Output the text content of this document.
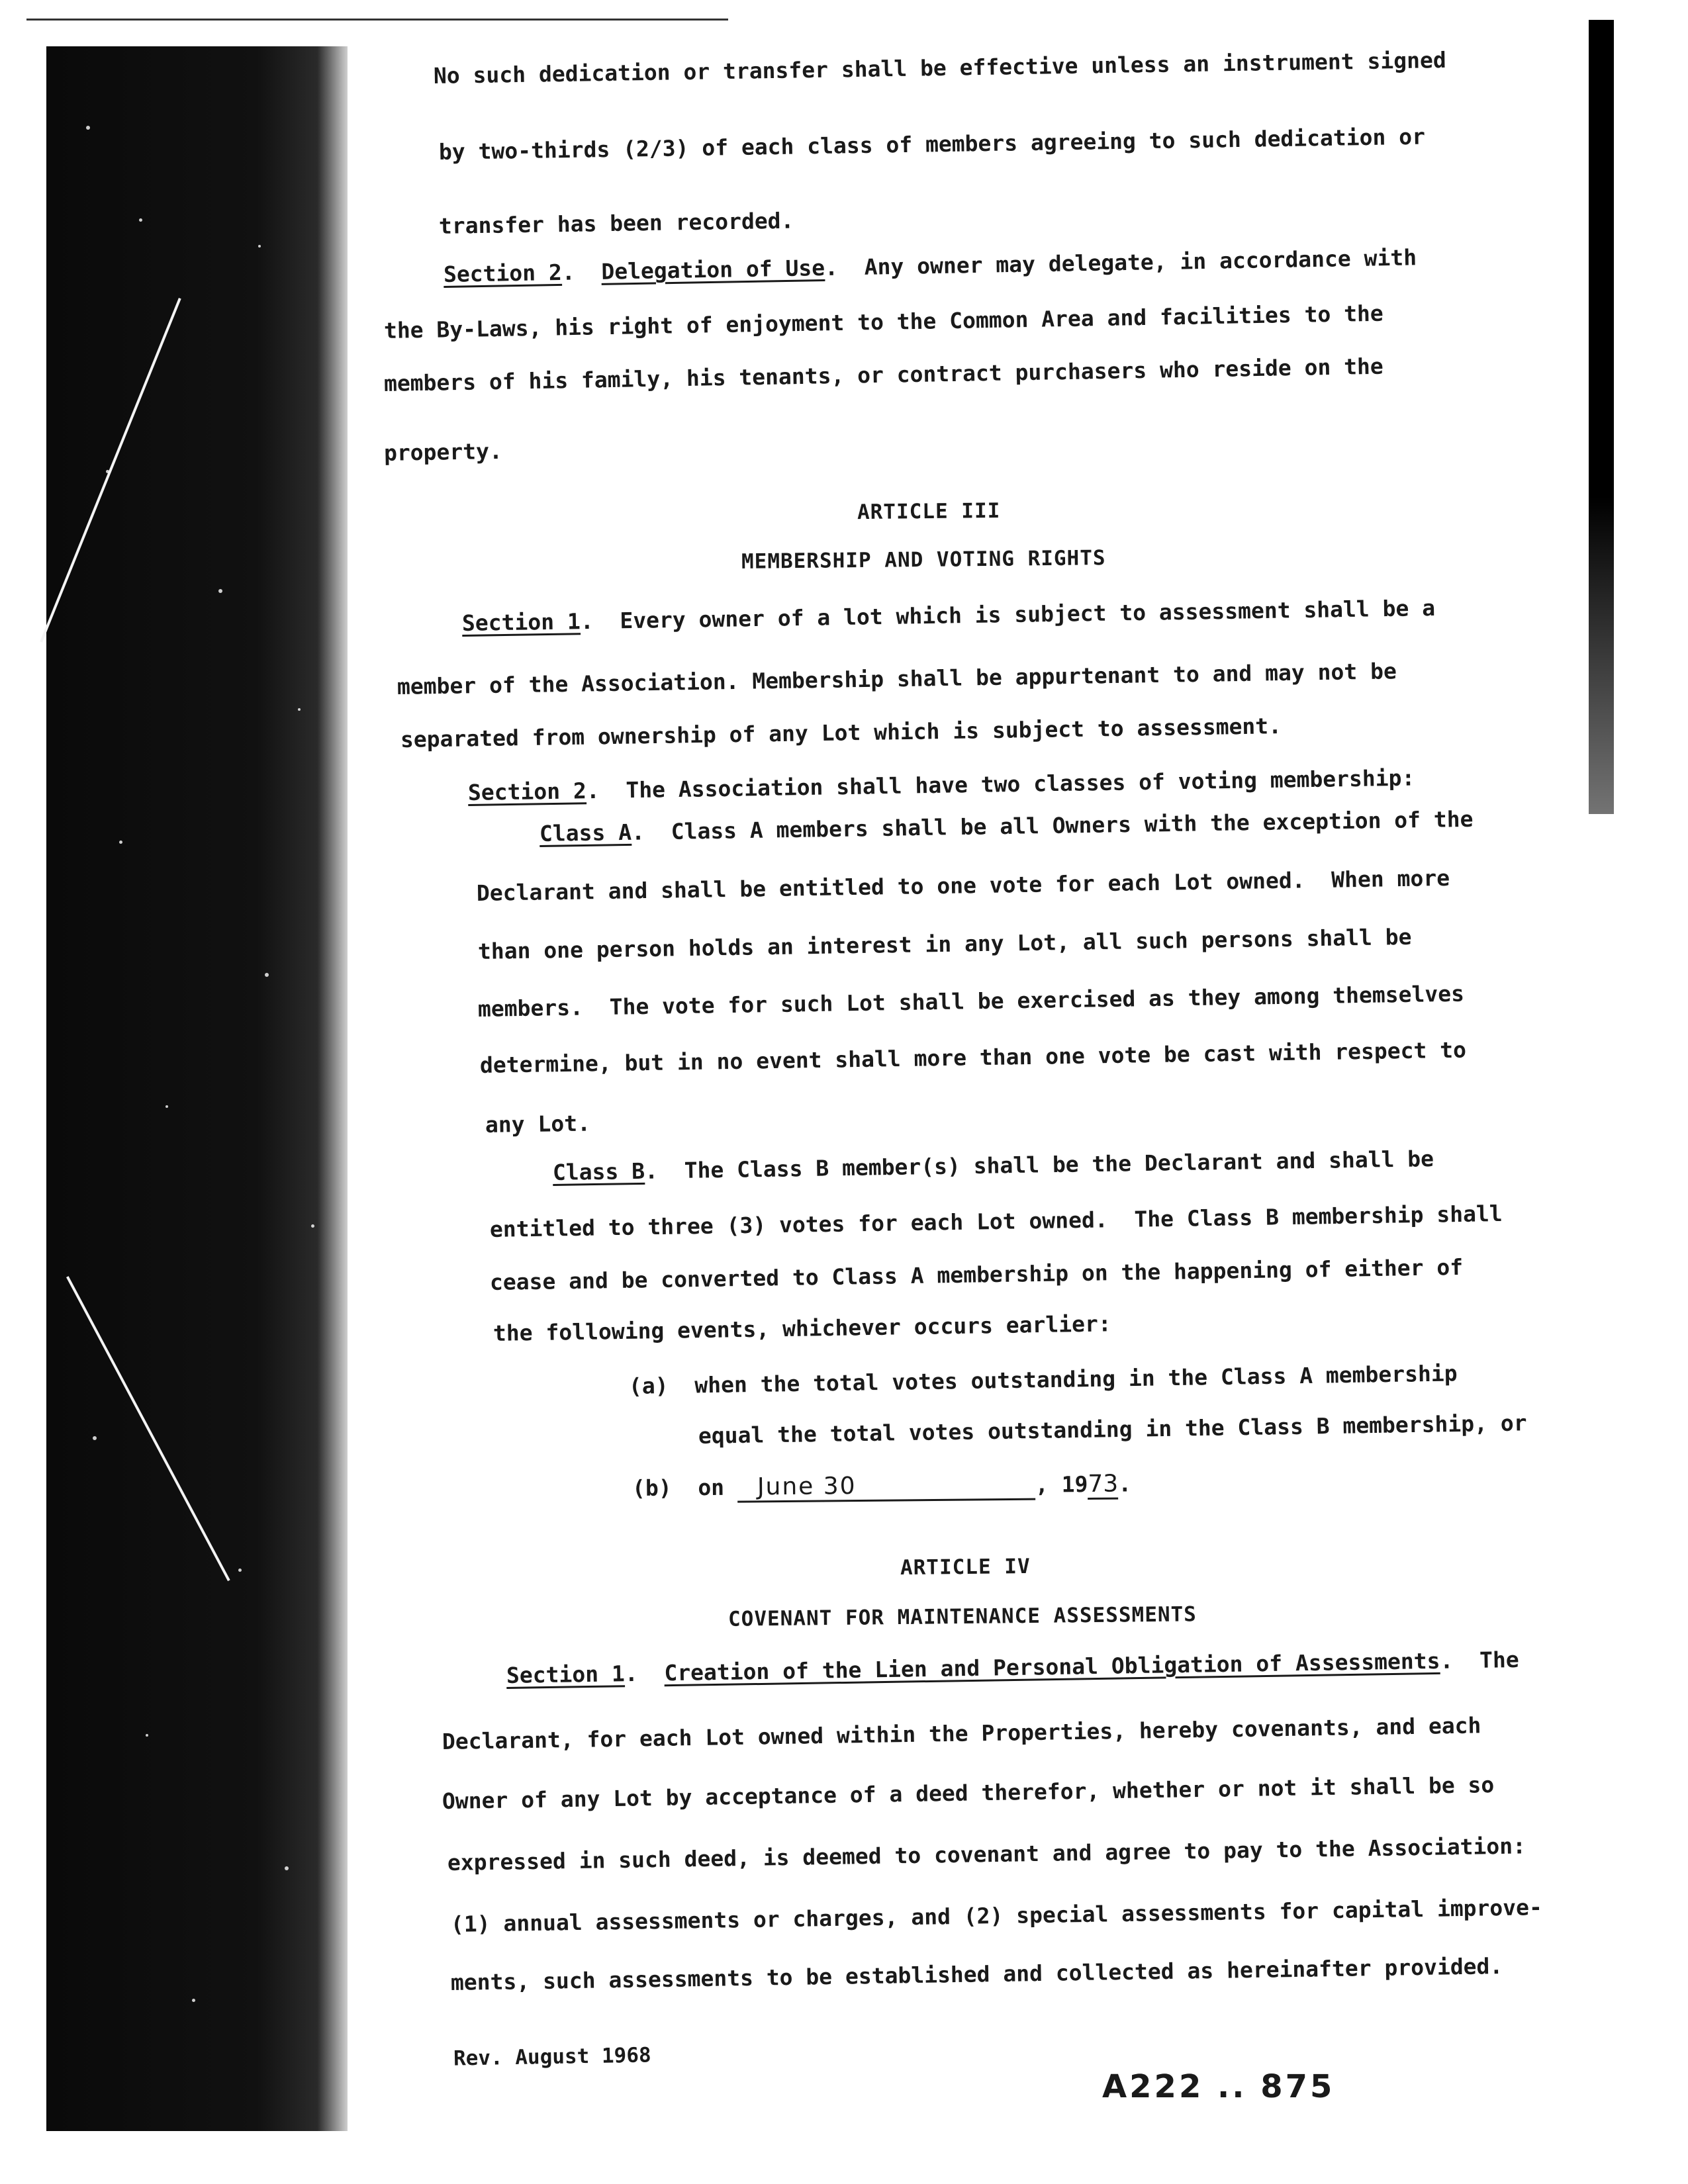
No such dedication or transfer shall be effective unless an instrument signed

by two-thirds (2/3) of each class of members agreeing to such dedication or

transfer has been recorded.

Section 2.  Delegation of Use.  Any owner may delegate, in accordance with

the By-Laws, his right of enjoyment to the Common Area and facilities to the

members of his family, his tenants, or contract purchasers who reside on the

property.

ARTICLE III

MEMBERSHIP AND VOTING RIGHTS

Section 1.  Every owner of a lot which is subject to assessment shall be a

member of the Association. Membership shall be appurtenant to and may not be

separated from ownership of any Lot which is subject to assessment.

Section 2.  The Association shall have two classes of voting membership:

Class A.  Class A members shall be all Owners with the exception of the

Declarant and shall be entitled to one vote for each Lot owned.  When more

than one person holds an interest in any Lot, all such persons shall be

members.  The vote for such Lot shall be exercised as they among themselves

determine, but in no event shall more than one vote be cast with respect to

any Lot.

Class B.  The Class B member(s) shall be the Declarant and shall be

entitled to three (3) votes for each Lot owned.  The Class B membership shall

cease and be converted to Class A membership on the happening of either of

the following events, whichever occurs earlier:

(a) when the total votes outstanding in the Class A membership

equal the total votes outstanding in the Class B membership, or

(b) on June 30	, 1973.

ARTICLE IV

COVENANT FOR MAINTENANCE ASSESSMENTS

Section 1.  Creation of the Lien and Personal Obligation of Assessments.  The

Declarant, for each Lot owned within the Properties, hereby covenants, and each

Owner of any Lot by acceptance of a deed therefor, whether or not it shall be so

expressed in such deed, is deemed to covenant and agree to pay to the Association:

(1) annual assessments or charges, and (2) special assessments for capital improve-

ments, such assessments to be established and collected as hereinafter provided.

Rev. August 1968
A222 .. 875
